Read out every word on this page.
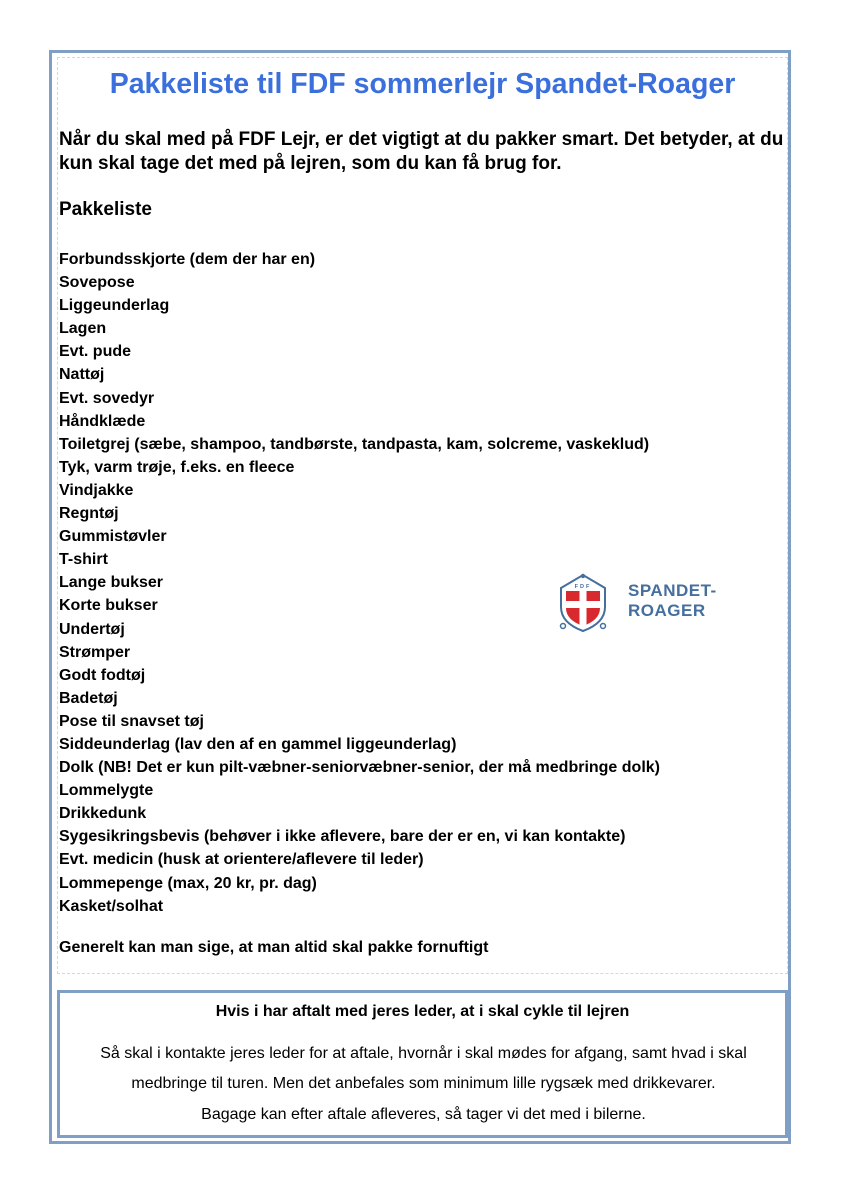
Pakkeliste til FDF sommerlejr Spandet-Roager

Når du skal med på FDF Lejr, er det vigtigt at du pakker smart. Det betyder, at du kun skal tage det med på lejren, som du kan få brug for.

Pakkeliste
Forbundsskjorte (dem der har en)
Sovepose
Liggeunderlag
Lagen
Evt. pude
Nattøj
Evt. sovedyr
Håndklæde
Toiletgrej (sæbe, shampoo, tandbørste, tandpasta, kam, solcreme, vaskeklud)
Tyk, varm trøje, f.eks. en fleece
Vindjakke
Regntøj
Gummistøvler
T-shirt
Lange bukser
Korte bukser
Undertøj
Strømper
Godt fodtøj
Badetøj
Pose til snavset tøj
Siddeunderlag (lav den af en gammel liggeunderlag)
Dolk (NB! Det er kun pilt-væbner-seniorvæbner-senior, der må medbringe dolk)
Lommelygte
Drikkedunk
Sygesikringsbevis (behøver i ikke aflevere, bare der er en, vi kan kontakte)
Evt. medicin (husk at orientere/aflevere til leder)
Lommepenge (max, 20 kr, pr. dag)
Kasket/solhat

Generelt kan man sige, at man altid skal pakke fornuftigt

FDF SPANDET-
ROAGER

Hvis i har aftalt med jeres leder, at i skal cykle til lejren

Så skal i kontakte jeres leder for at aftale, hvornår i skal mødes for afgang, samt hvad i skal medbringe til turen. Men det anbefales som minimum lille rygsæk med drikkevarer.

Bagage kan efter aftale afleveres, så tager vi det med i bilerne.
